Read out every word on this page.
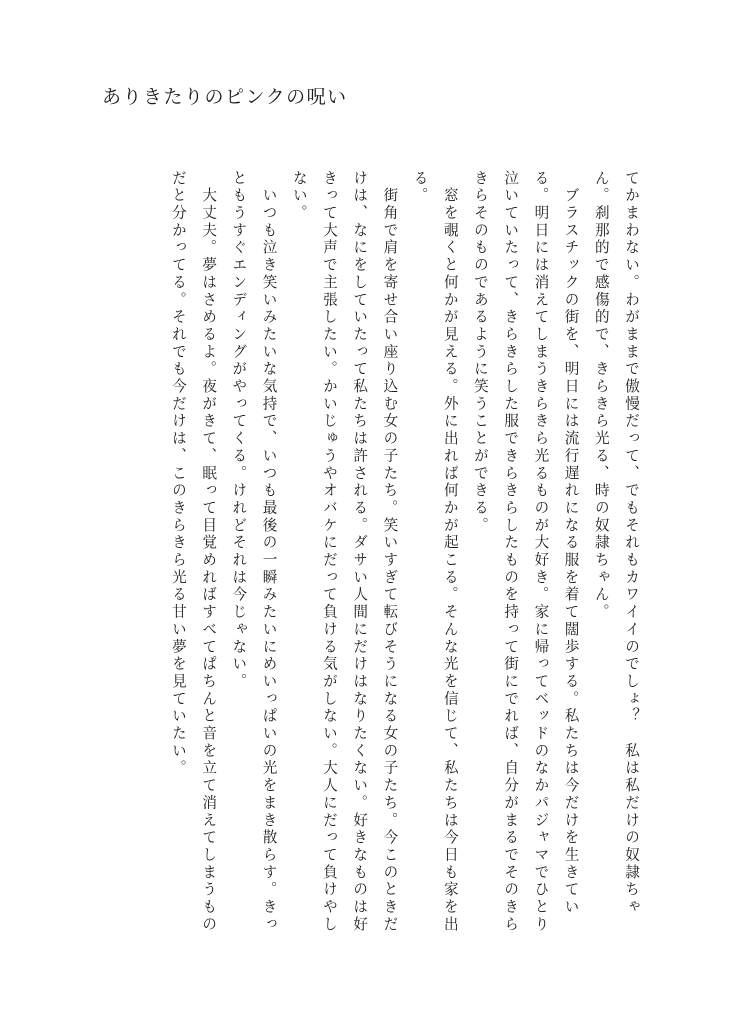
ありきたりのピンクの呪い

てかまわない。わがままで傲慢だって、でもそれもカワイイのでしょ？　私は私だけの奴隷ちゃん。刹那的で感傷的で、きらきら光る、時の奴隷ちゃん。

　ブラスチックの街を、明日には流行遅れになる服を着て闊歩する。私たちは今だけを生きている。明日には消えてしまうきらきら光るものが大好き。家に帰ってベッドのなかパジャマでひとり泣いていたって、きらきらした服できらきらしたものを持って街にでれば、自分がまるでそのきらきらそのものであるように笑うことができる。

　窓を覗くと何かが見える。外に出れば何かが起こる。そんな光を信じて、私たちは今日も家を出る。

　街角で肩を寄せ合い座り込む女の子たち。笑いすぎて転びそうになる女の子たち。今このときだけは、なにをしていたって私たちは許される。ダサい人間にだけはなりたくない。好きなものは好きって大声で主張したい。かいじゅうやオバケにだって負ける気がしない。大人にだって負けやしない。

　いつも泣き笑いみたいな気持で、いつも最後の一瞬みたいにめいっぱいの光をまき散らす。きっともうすぐエンディングがやってくる。けれどそれは今じゃない。

　大丈夫。夢はさめるよ。夜がきて、眠って目覚めればすべてぱちんと音を立て消えてしまうものだと分かってる。それでも今だけは、このきらきら光る甘い夢を見ていたい。
